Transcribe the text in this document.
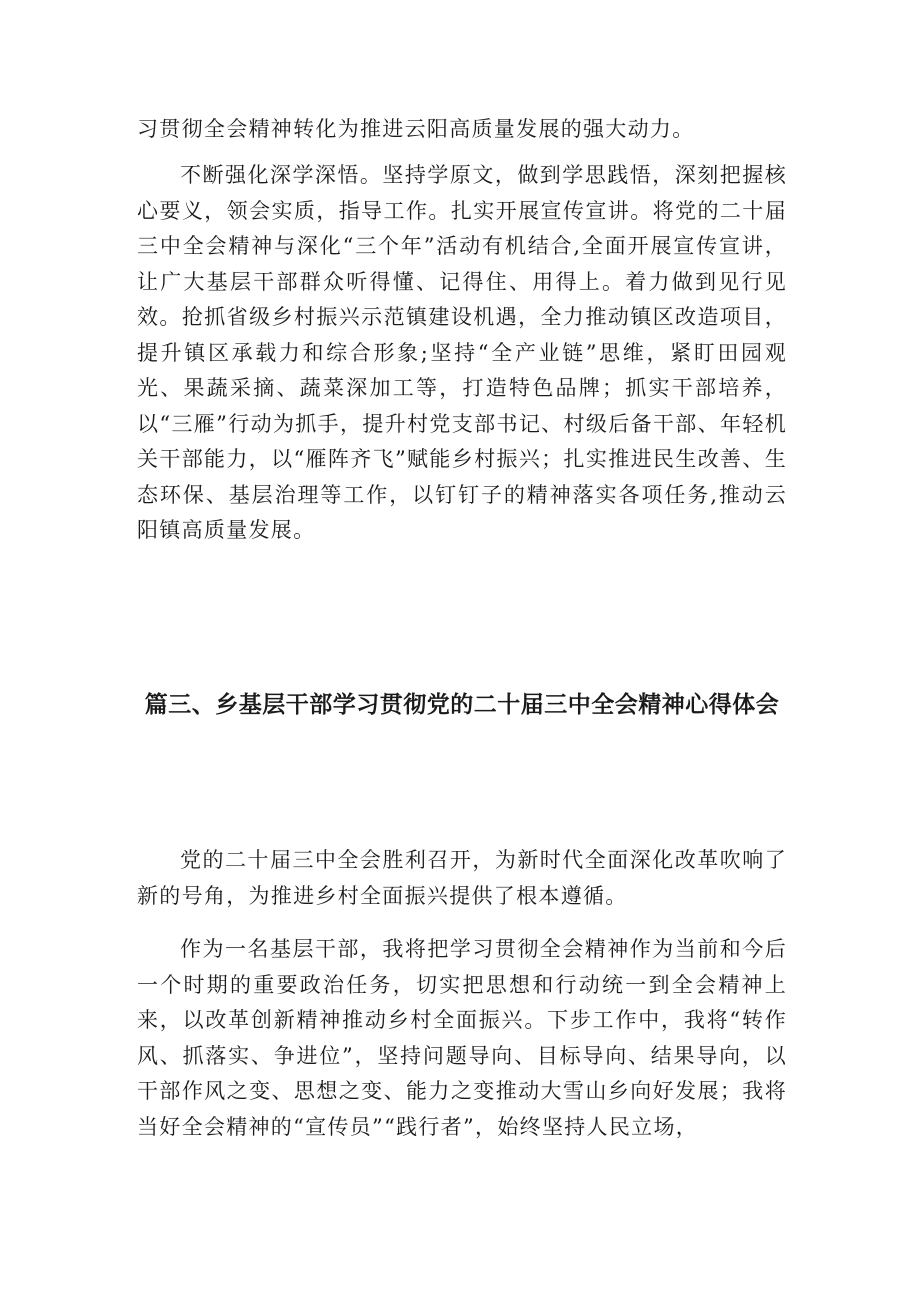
习贯彻全会精神转化为推进云阳高质量发展的强大动力。

不断强化深学深悟。坚持学原文，做到学思践悟，深刻把握核心要义，领会实质，指导工作。扎实开展宣传宣讲。将党的二十届三中全会精神与深化“三个年”活动有机结合,全面开展宣传宣讲，让广大基层干部群众听得懂、记得住、用得上。着力做到见行见效。抢抓省级乡村振兴示范镇建设机遇，全力推动镇区改造项目，提升镇区承载力和综合形象;坚持“全产业链”思维，紧盯田园观光、果蔬采摘、蔬菜深加工等，打造特色品牌；抓实干部培养，以“三雁”行动为抓手，提升村党支部书记、村级后备干部、年轻机关干部能力，以“雁阵齐飞”赋能乡村振兴；扎实推进民生改善、生态环保、基层治理等工作，以钉钉子的精神落实各项任务,推动云阳镇高质量发展。

篇三、乡基层干部学习贯彻党的二十届三中全会精神心得体会

党的二十届三中全会胜利召开，为新时代全面深化改革吹响了新的号角，为推进乡村全面振兴提供了根本遵循。

作为一名基层干部，我将把学习贯彻全会精神作为当前和今后一个时期的重要政治任务，切实把思想和行动统一到全会精神上来，以改革创新精神推动乡村全面振兴。下步工作中，我将“转作风、抓落实、争进位”，坚持问题导向、目标导向、结果导向，以干部作风之变、思想之变、能力之变推动大雪山乡向好发展；我将当好全会精神的“宣传员”“践行者”，始终坚持人民立场，
